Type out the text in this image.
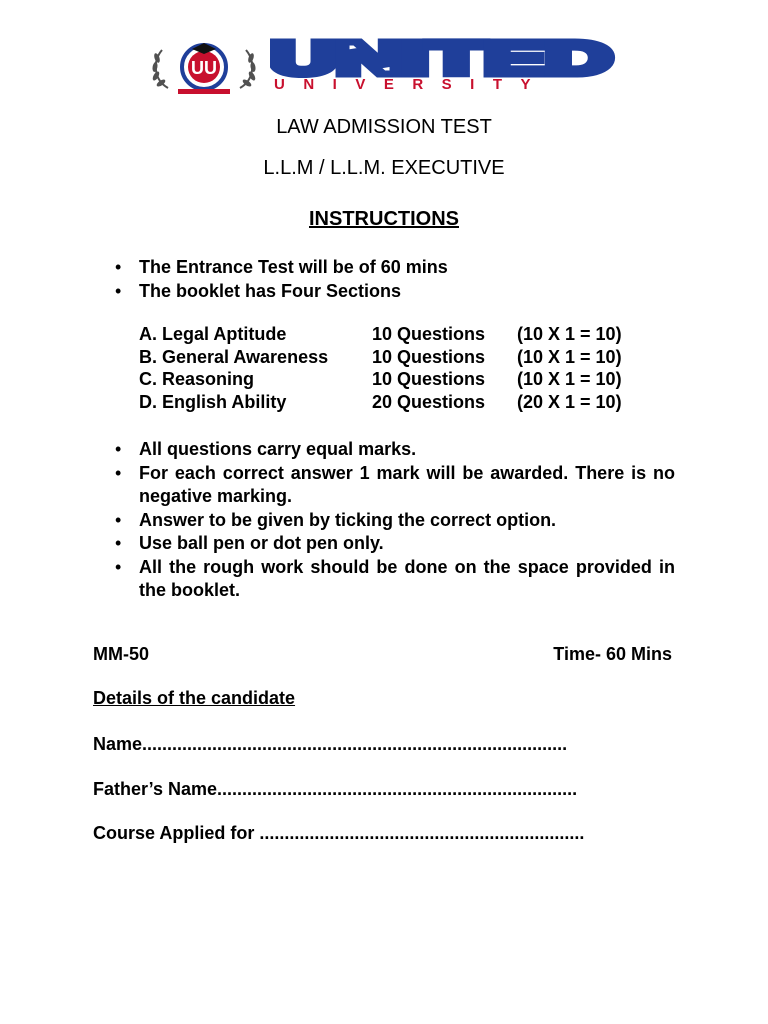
UU UNITED
UNIVERSITY
LAW ADMISSION TEST
L.L.M / L.L.M. EXECUTIVE
INSTRUCTIONS
• The Entrance Test will be of 60 mins
• The booklet has Four Sections
A. Legal Aptitude	10 Questions (10 X 1 = 10)
B. General Awareness 10 Questions (10 X 1 = 10)
C. Reasoning	10 Questions (10 X 1 = 10)
D. English Ability	20 Questions (20 X 1 = 10)
• All questions carry equal marks.
• For each correct answer 1 mark will be awarded. There is no negative marking.
• Answer to be given by ticking the correct option.
• Use ball pen or dot pen only.
• All the rough work should be done on the space provided in the booklet.
MM-50	Time- 60 Mins
Details of the candidate
Name.....................................................................................
Father’s Name........................................................................
Course Applied for .................................................................
